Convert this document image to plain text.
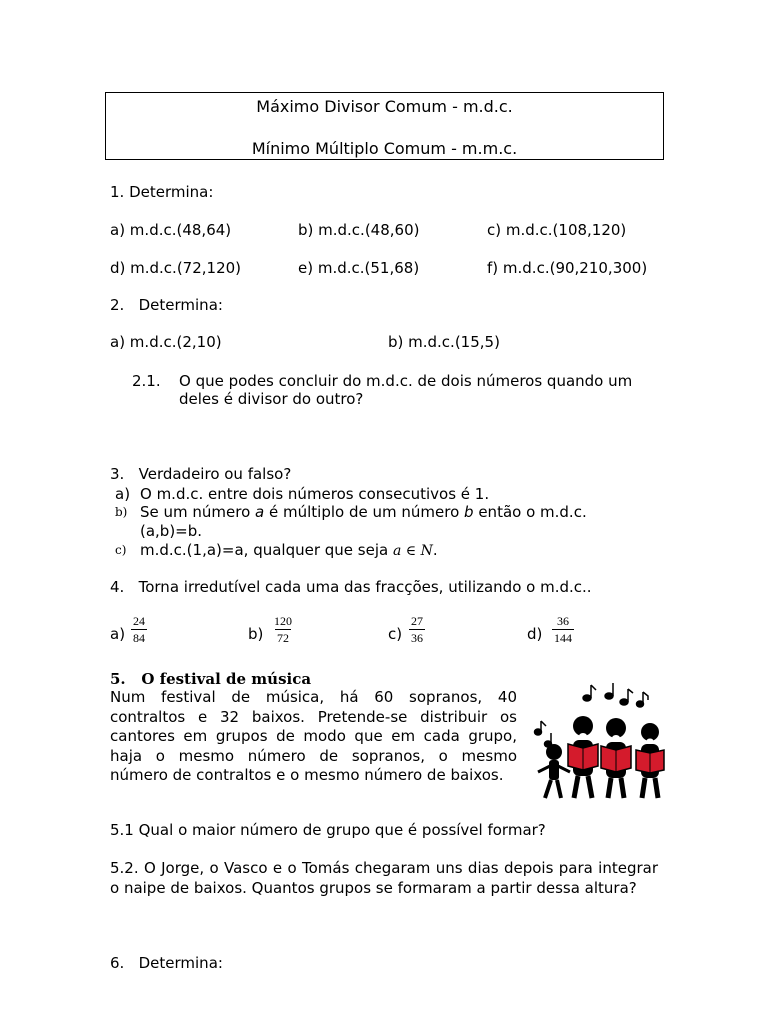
Máximo Divisor Comum - m.d.c.
Mínimo Múltiplo Comum - m.m.c.
1. Determina:
a) m.d.c.(48,64)	b) m.d.c.(48,60)	c) m.d.c.(108,120)
d) m.d.c.(72,120)	e) m.d.c.(51,68)	f) m.d.c.(90,210,300)
2.   Determina:
a) m.d.c.(2,10)	b) m.d.c.(15,5)
2.1. O que podes concluir do m.d.c. de dois números quando um
deles é divisor do outro?
3.   Verdadeiro ou falso?
a) O m.d.c. entre dois números consecutivos é 1.
b) Se um número a é múltiplo de um número b então o m.d.c.
(a,b)=b.
c) m.d.c.(1,a)=a, qualquer que seja a ∈ N.
4.   Torna irredutível cada uma das fracções, utilizando o m.d.c..
$a) \frac{24}{84}$	$b) \frac{120}{72}$	$c) \frac{27}{36}$	$d) \frac{36}{144}$
5.   O festival de música
Num festival de música, há 60 sopranos, 40 contraltos e 32 baixos. Pretende-se distribuir os cantores em grupos de modo que em cada grupo, haja o mesmo número de sopranos, o mesmo número de contraltos e o mesmo número de baixos.
5.1 Qual o maior número de grupo que é possível formar?
5.2. O Jorge, o Vasco e o Tomás chegaram uns dias depois para integrar o naipe de baixos. Quantos grupos se formaram a partir dessa altura?
6.   Determina:
